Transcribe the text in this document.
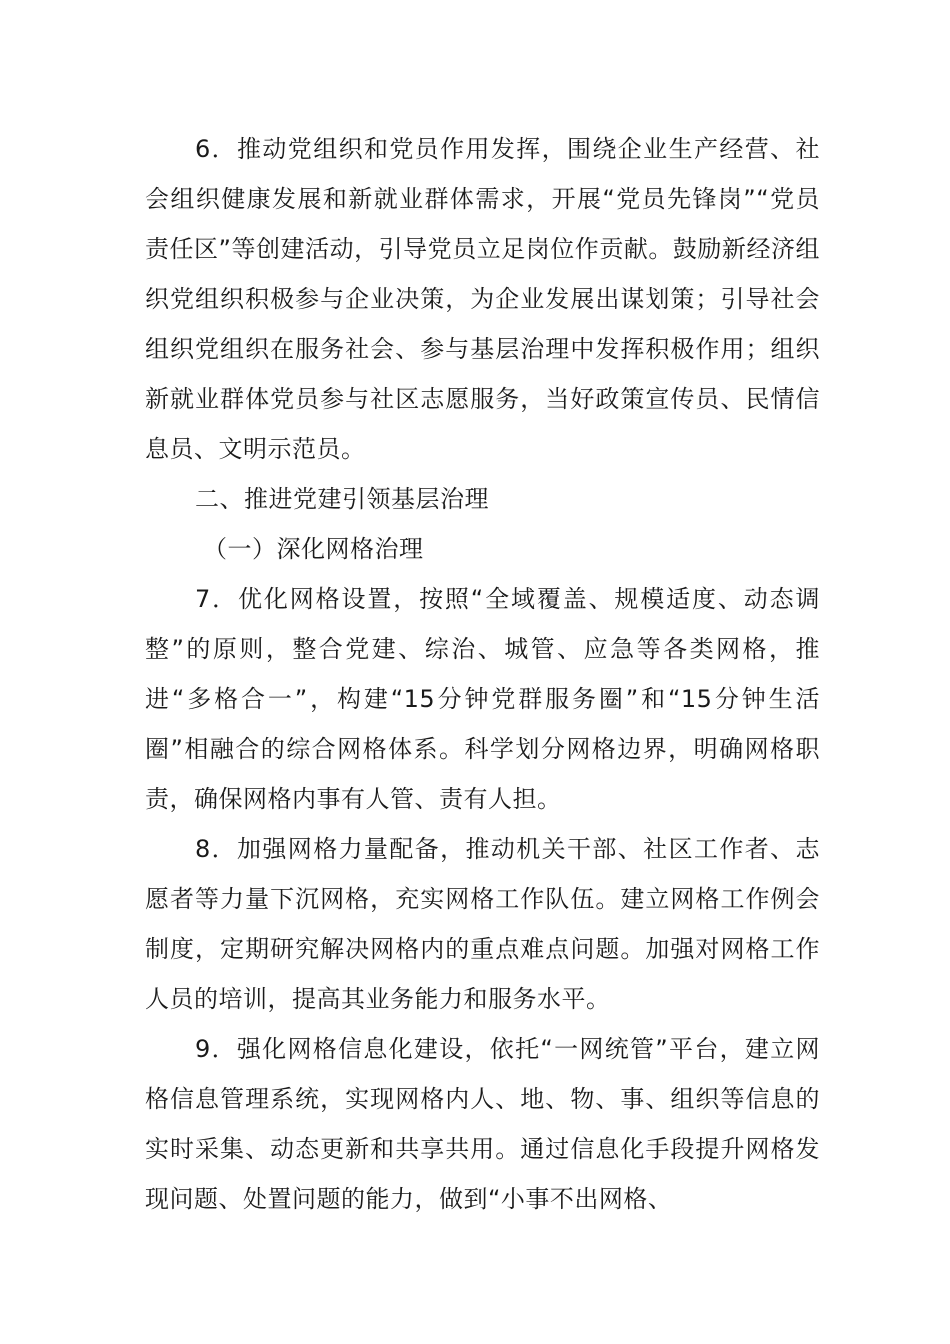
6．推动党组织和党员作用发挥，围绕企业生产经营、社会组织健康发展和新就业群体需求，开展“党员先锋岗”“党员责任区”等创建活动，引导党员立足岗位作贡献。鼓励新经济组织党组织积极参与企业决策，为企业发展出谋划策；引导社会组织党组织在服务社会、参与基层治理中发挥积极作用；组织新就业群体党员参与社区志愿服务，当好政策宣传员、民情信息员、文明示范员。

二、推进党建引领基层治理

（一）深化网格治理

7．优化网格设置，按照“全域覆盖、规模适度、动态调整”的原则，整合党建、综治、城管、应急等各类网格，推进“多格合一”，构建“15分钟党群服务圈”和“15分钟生活圈”相融合的综合网格体系。科学划分网格边界，明确网格职责，确保网格内事有人管、责有人担。

8．加强网格力量配备，推动机关干部、社区工作者、志愿者等力量下沉网格，充实网格工作队伍。建立网格工作例会制度，定期研究解决网格内的重点难点问题。加强对网格工作人员的培训，提高其业务能力和服务水平。

9．强化网格信息化建设，依托“一网统管”平台，建立网格信息管理系统，实现网格内人、地、物、事、组织等信息的实时采集、动态更新和共享共用。通过信息化手段提升网格发现问题、处置问题的能力，做到“小事不出网格、
